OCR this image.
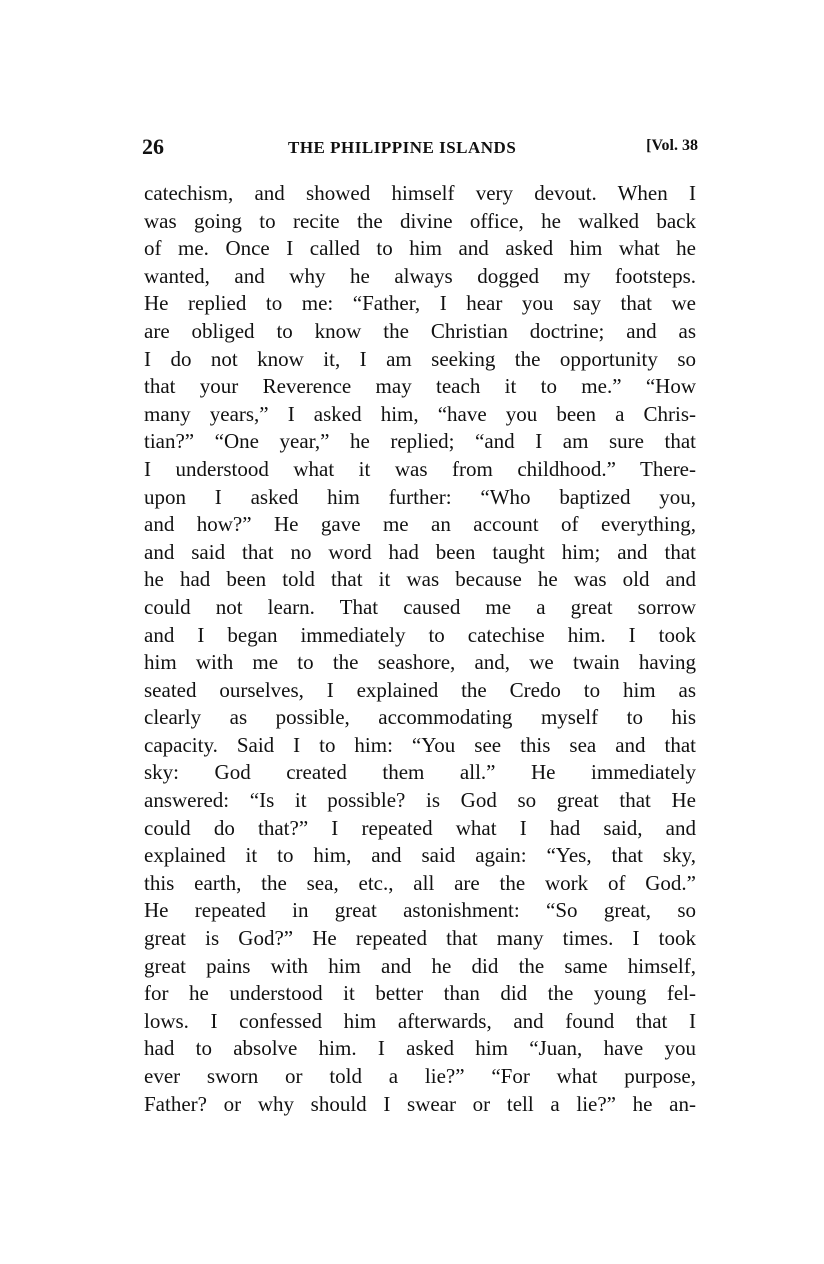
26	THE PHILIPPINE ISLANDS	[Vol. 38
catechism, and showed himself very devout. When I
was going to recite the divine office, he walked back
of me. Once I called to him and asked him what he
wanted, and why he always dogged my footsteps.
He replied to me: “Father, I hear you say that we
are obliged to know the Christian doctrine; and as
I do not know it, I am seeking the opportunity so
that your Reverence may teach it to me.” “How
many years,” I asked him, “have you been a Chris-
tian?” “One year,” he replied; “and I am sure that
I understood what it was from childhood.” There-
upon I asked him further: “Who baptized you,
and how?” He gave me an account of everything,
and said that no word had been taught him; and that
he had been told that it was because he was old and
could not learn. That caused me a great sorrow
and I began immediately to catechise him. I took
him with me to the seashore, and, we twain having
seated ourselves, I explained the Credo to him as
clearly as possible, accommodating myself to his
capacity. Said I to him: “You see this sea and that
sky: God created them all.” He immediately
answered: “Is it possible? is God so great that He
could do that?” I repeated what I had said, and
explained it to him, and said again: “Yes, that sky,
this earth, the sea, etc., all are the work of God.”
He repeated in great astonishment: “So great, so
great is God?” He repeated that many times. I took
great pains with him and he did the same himself,
for he understood it better than did the young fel-
lows. I confessed him afterwards, and found that I
had to absolve him. I asked him “Juan, have you
ever sworn or told a lie?” “For what purpose,
Father? or why should I swear or tell a lie?” he an-
